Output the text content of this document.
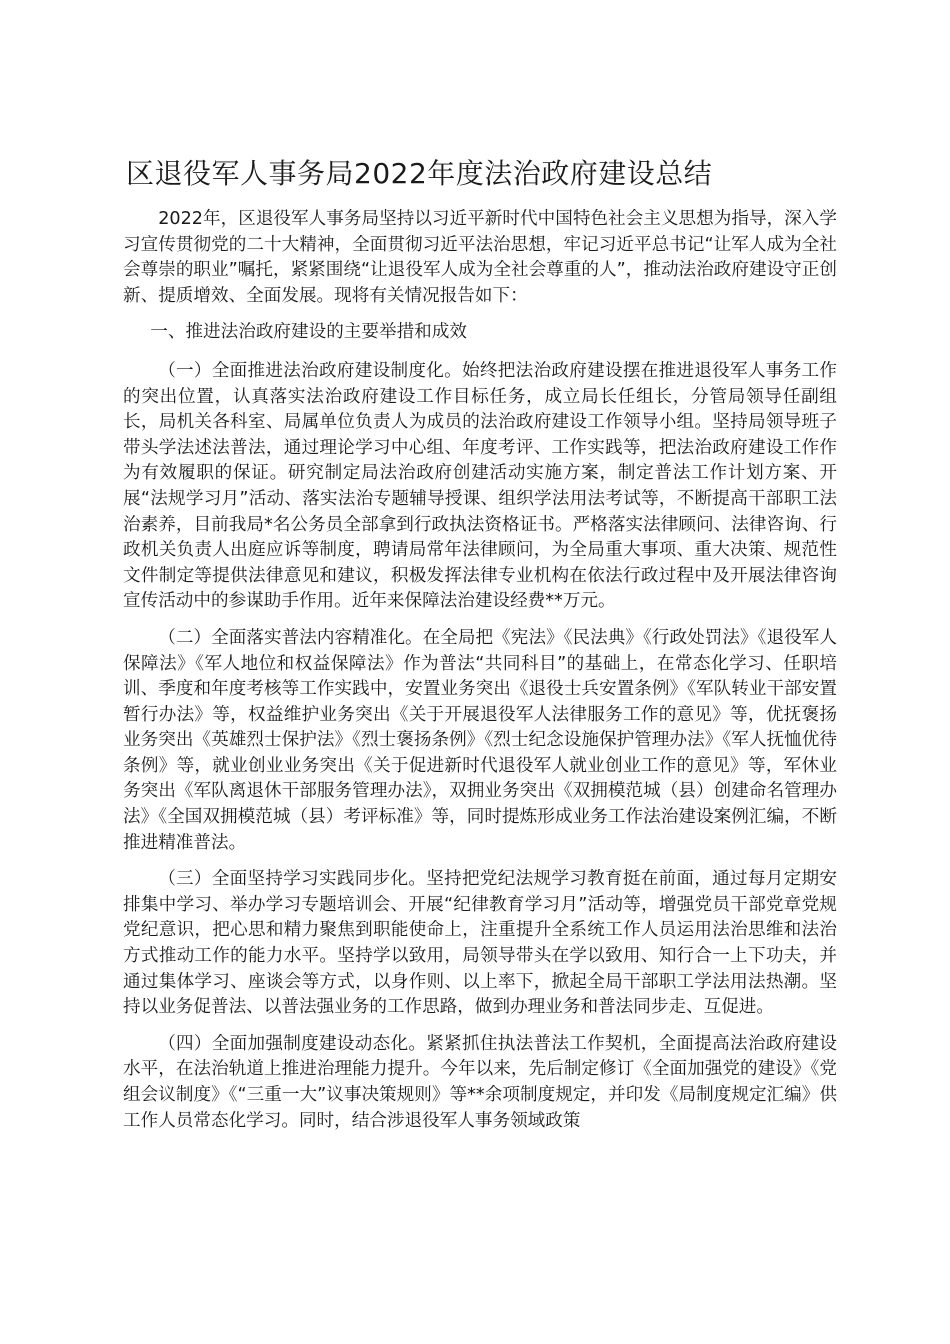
区退役军人事务局2022年度法治政府建设总结

2022年，区退役军人事务局坚持以习近平新时代中国特色社会主义思想为指导，深入学习宣传贯彻党的二十大精神，全面贯彻习近平法治思想，牢记习近平总书记“让军人成为全社会尊崇的职业”嘱托，紧紧围绕“让退役军人成为全社会尊重的人”，推动法治政府建设守正创新、提质增效、全面发展。现将有关情况报告如下：

一、推进法治政府建设的主要举措和成效

（一）全面推进法治政府建设制度化。始终把法治政府建设摆在推进退役军人事务工作的突出位置，认真落实法治政府建设工作目标任务，成立局长任组长，分管局领导任副组长，局机关各科室、局属单位负责人为成员的法治政府建设工作领导小组。坚持局领导班子带头学法述法普法，通过理论学习中心组、年度考评、工作实践等，把法治政府建设工作作为有效履职的保证。研究制定局法治政府创建活动实施方案，制定普法工作计划方案、开展“法规学习月”活动、落实法治专题辅导授课、组织学法用法考试等，不断提高干部职工法治素养，目前我局*名公务员全部拿到行政执法资格证书。严格落实法律顾问、法律咨询、行政机关负责人出庭应诉等制度，聘请局常年法律顾问，为全局重大事项、重大决策、规范性文件制定等提供法律意见和建议，积极发挥法律专业机构在依法行政过程中及开展法律咨询宣传活动中的参谋助手作用。近年来保障法治建设经费**万元。

（二）全面落实普法内容精准化。在全局把《宪法》《民法典》《行政处罚法》《退役军人保障法》《军人地位和权益保障法》作为普法“共同科目”的基础上，在常态化学习、任职培训、季度和年度考核等工作实践中，安置业务突出《退役士兵安置条例》《军队转业干部安置暂行办法》等，权益维护业务突出《关于开展退役军人法律服务工作的意见》等，优抚褒扬业务突出《英雄烈士保护法》《烈士褒扬条例》《烈士纪念设施保护管理办法》《军人抚恤优待条例》等，就业创业业务突出《关于促进新时代退役军人就业创业工作的意见》等，军休业务突出《军队离退休干部服务管理办法》，双拥业务突出《双拥模范城（县）创建命名管理办法》《全国双拥模范城（县）考评标准》等，同时提炼形成业务工作法治建设案例汇编，不断推进精准普法。

（三）全面坚持学习实践同步化。坚持把党纪法规学习教育挺在前面，通过每月定期安排集中学习、举办学习专题培训会、开展“纪律教育学习月”活动等，增强党员干部党章党规党纪意识，把心思和精力聚焦到职能使命上，注重提升全系统工作人员运用法治思维和法治方式推动工作的能力水平。坚持学以致用，局领导带头在学以致用、知行合一上下功夫，并通过集体学习、座谈会等方式，以身作则、以上率下，掀起全局干部职工学法用法热潮。坚持以业务促普法、以普法强业务的工作思路，做到办理业务和普法同步走、互促进。

（四）全面加强制度建设动态化。紧紧抓住执法普法工作契机，全面提高法治政府建设水平，在法治轨道上推进治理能力提升。今年以来，先后制定修订《全面加强党的建设》《党组会议制度》《“三重一大”议事决策规则》等**余项制度规定，并印发《局制度规定汇编》供工作人员常态化学习。同时，结合涉退役军人事务领域政策
